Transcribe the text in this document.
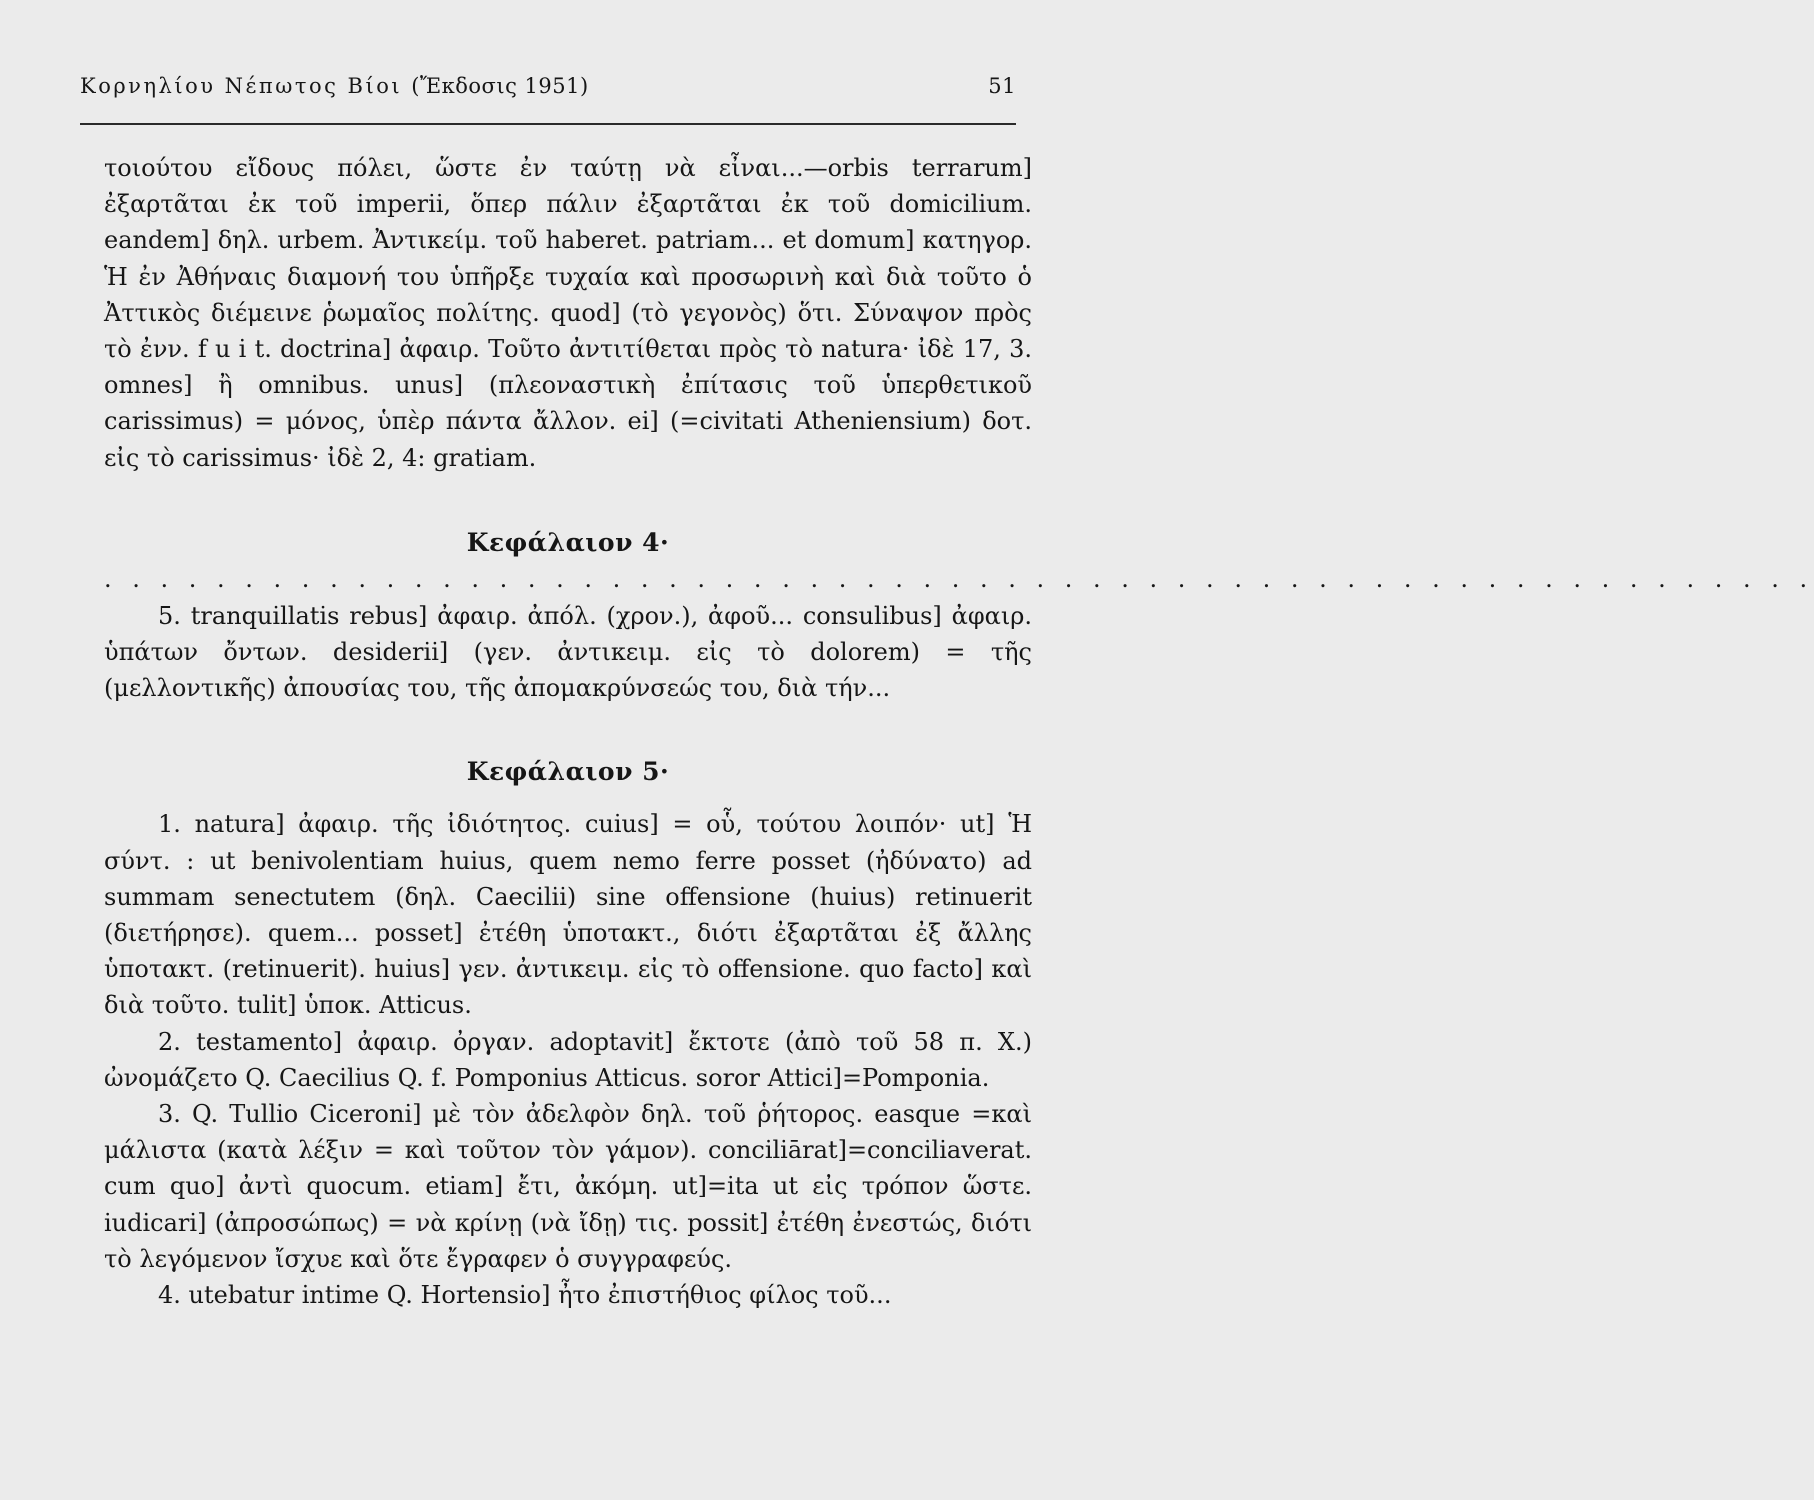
Κορνηλίου Νέπωτος Βίοι (Ἔκδοσις 1951)	51

τοιούτου εἴδους πόλει, ὥστε ἐν ταύτῃ νὰ εἶναι...—orbis terrarum] ἐξαρτᾶται ἐκ τοῦ imperii, ὅπερ πάλιν ἐξαρτᾶται ἐκ τοῦ domicilium. eandem] δηλ. urbem. Ἀντικείμ. τοῦ haberet. patriam... et domum] κατηγορ. Ἡ ἐν Ἀθήναις διαμονή του ὑπῆρξε τυχαία καὶ προσωρινὴ καὶ διὰ τοῦτο ὁ Ἀττικὸς διέμεινε ῥωμαῖος πολίτης. quod] (τὸ γεγονὸς) ὅτι. Σύναψον πρὸς τὸ ἐνν. f u i t. doctrina] ἀφαιρ. Τοῦτο ἀντιτίθεται πρὸς τὸ natura· ἰδὲ 17, 3. omnes] ἢ omnibus. unus] (πλεοναστικὴ ἐπίτασις τοῦ ὑπερθετικοῦ carissimus) = μόνος, ὑπὲρ πάντα ἄλλον. ei] (=civitati Atheniensium) δοτ. εἰς τὸ carissimus· ἰδὲ 2, 4: gratiam.

Κεφάλαιον 4·

. . . . . . . . . . . . . . . . . . . . . . . . . . . . . . . . . . . . . . . . . . . . . . . . . . . . . . . . . . . . .

5. tranquillatis rebus] ἀφαιρ. ἀπόλ. (χρον.), ἀφοῦ... consulibus] ἀφαιρ. ὑπάτων ὄντων. desiderii] (γεν. ἀντικειμ. εἰς τὸ dolorem) = τῆς (μελλοντικῆς) ἀπουσίας του, τῆς ἀπομακρύνσεώς του, διὰ τήν...

Κεφάλαιον 5·

1. natura] ἀφαιρ. τῆς ἰδιότητος. cuius] = οὗ, τούτου λοιπόν· ut] Ἡ σύντ. : ut benivolentiam huius, quem nemo ferre posset (ἠδύνατο) ad summam senectutem (δηλ. Caecilii) sine offensione (huius) retinuerit (διετήρησε). quem... posset] ἐτέθη ὑποτακτ., διότι ἐξαρτᾶται ἐξ ἄλλης ὑποτακτ. (retinuerit). huius] γεν. ἀντικειμ. εἰς τὸ offensione. quo facto] καὶ διὰ τοῦτο. tulit] ὑποκ. Atticus.

2. testamento] ἀφαιρ. ὀργαν. adoptavit] ἔκτοτε (ἀπὸ τοῦ 58 π. Χ.) ὠνομάζετο Q. Caecilius Q. f. Pomponius Atticus. soror Attici]=Pomponia.

3. Q. Tullio Ciceroni] μὲ τὸν ἀδελφὸν δηλ. τοῦ ῥήτορος. easque =καὶ μάλιστα (κατὰ λέξιν = καὶ τοῦτον τὸν γάμον). conciliārat]=conciliaverat. cum quo] ἀντὶ quocum. etiam] ἔτι, ἀκόμη. ut]=ita ut εἰς τρόπον ὥστε. iudicari] (ἀπροσώπως) = νὰ κρίνῃ (νὰ ἴδῃ) τις. possit] ἐτέθη ἐνεστώς, διότι τὸ λεγόμενον ἴσχυε καὶ ὅτε ἔγραφεν ὁ συγγραφεύς.

4. utebatur intime Q. Hortensio] ἦτο ἐπιστήθιος φίλος τοῦ...
